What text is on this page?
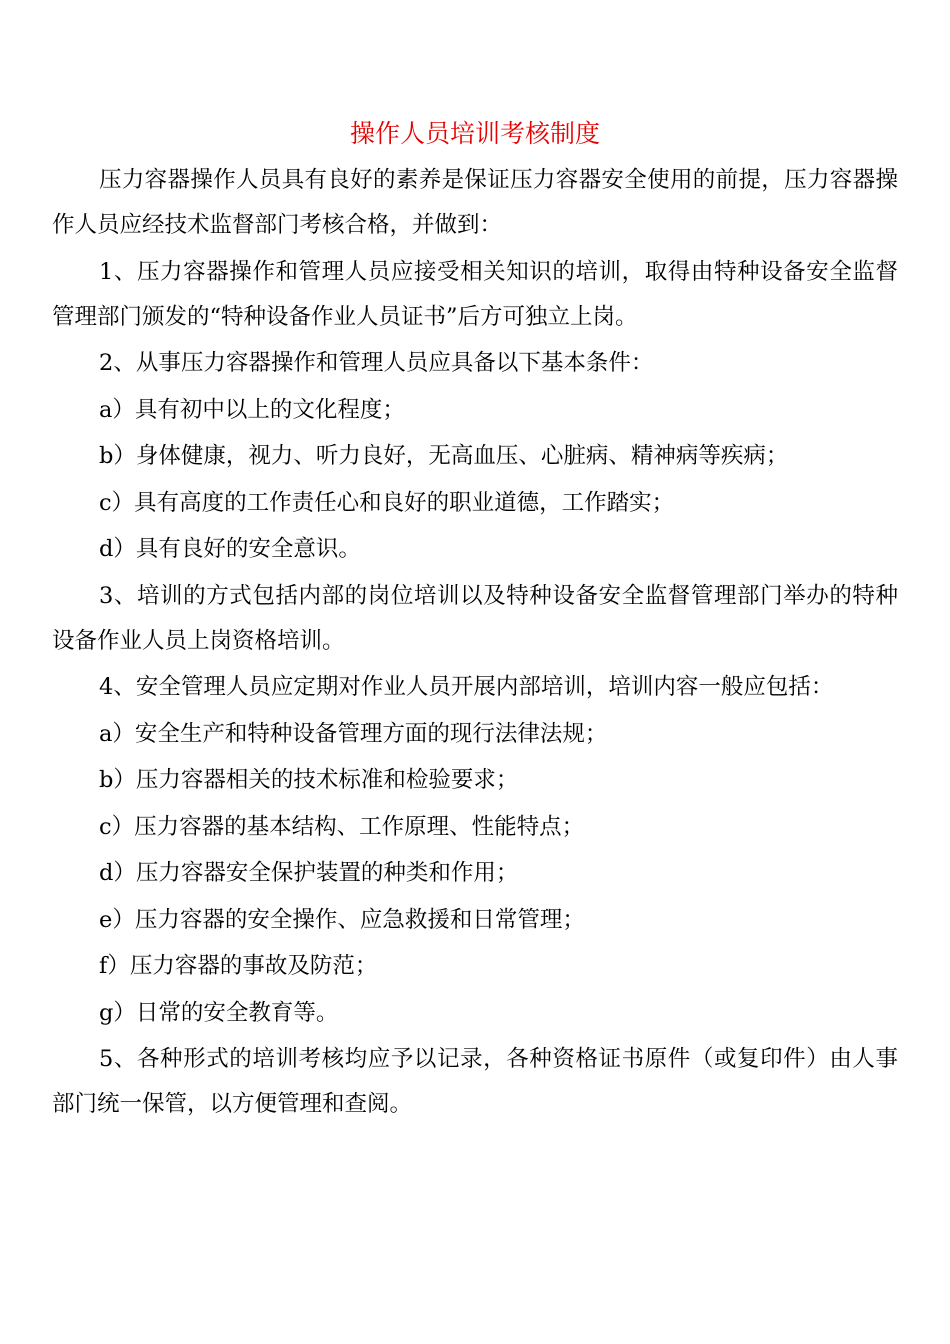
操作人员培训考核制度

压力容器操作人员具有良好的素养是保证压力容器安全使用的前提，压力容器操作人员应经技术监督部门考核合格，并做到：

1、压力容器操作和管理人员应接受相关知识的培训，取得由特种设备安全监督管理部门颁发的“特种设备作业人员证书”后方可独立上岗。

2、从事压力容器操作和管理人员应具备以下基本条件：

a）具有初中以上的文化程度；

b）身体健康，视力、听力良好，无高血压、心脏病、精神病等疾病；

c）具有高度的工作责任心和良好的职业道德，工作踏实；

d）具有良好的安全意识。

3、培训的方式包括内部的岗位培训以及特种设备安全监督管理部门举办的特种设备作业人员上岗资格培训。

4、安全管理人员应定期对作业人员开展内部培训，培训内容一般应包括：

a）安全生产和特种设备管理方面的现行法律法规；

b）压力容器相关的技术标准和检验要求；

c）压力容器的基本结构、工作原理、性能特点；

d）压力容器安全保护装置的种类和作用；

e）压力容器的安全操作、应急救援和日常管理；

f）压力容器的事故及防范；

g）日常的安全教育等。

5、各种形式的培训考核均应予以记录，各种资格证书原件（或复印件）由人事部门统一保管，以方便管理和查阅。
